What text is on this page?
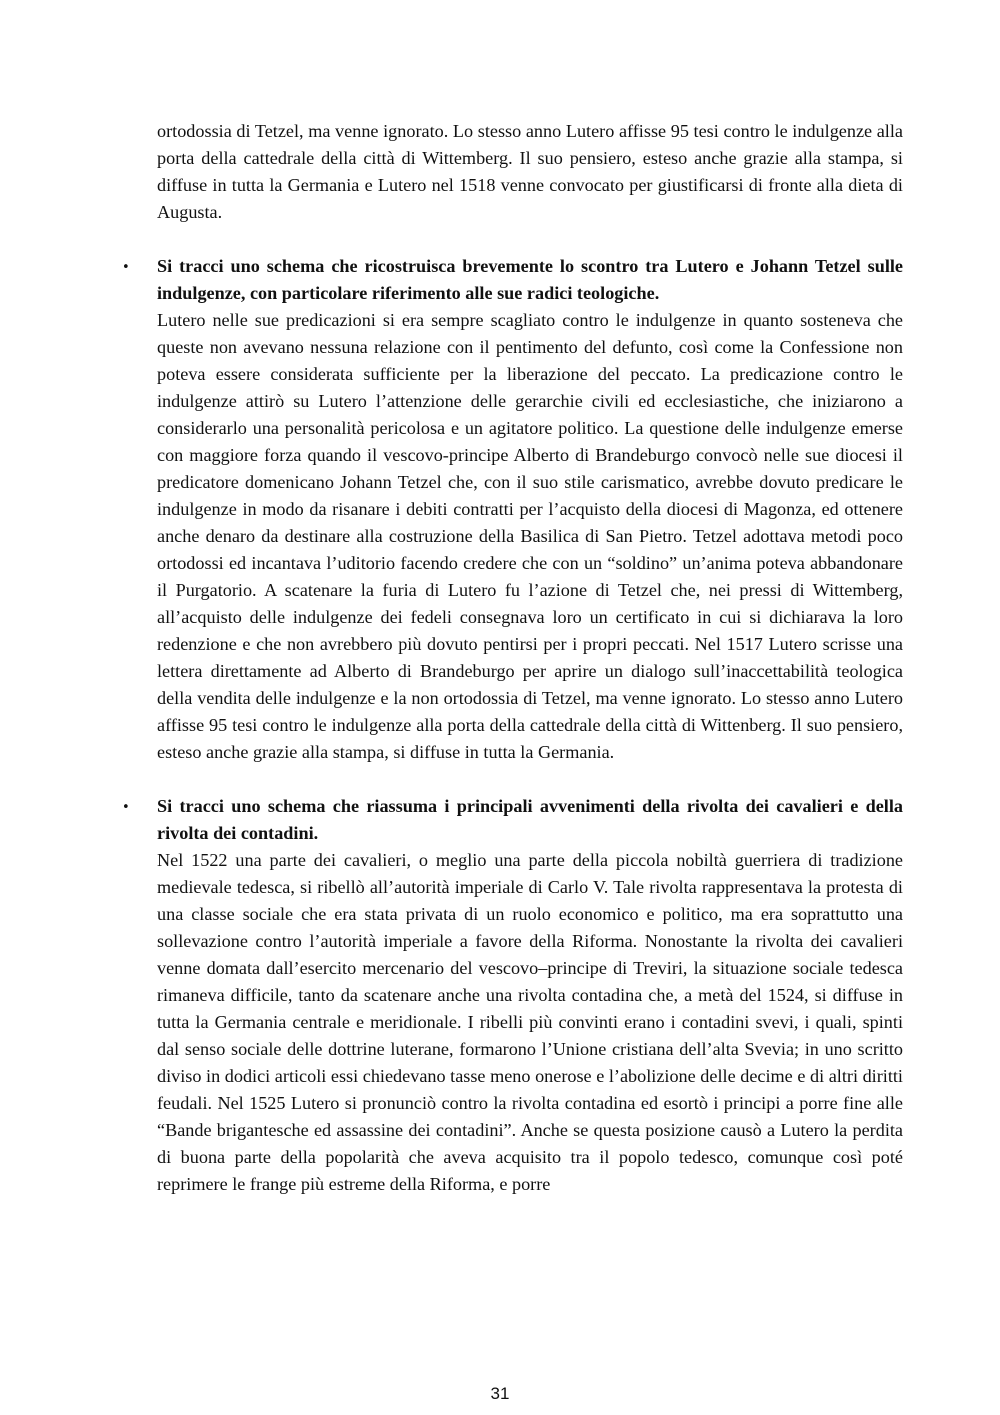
ortodossia di Tetzel, ma venne ignorato. Lo stesso anno Lutero affisse 95 tesi contro le indulgenze alla porta della cattedrale della città di Wittemberg. Il suo pensiero, esteso anche grazie alla stampa, si diffuse in tutta la Germania e Lutero nel 1518 venne convocato per giustificarsi di fronte alla dieta di Augusta.

• Si tracci uno schema che ricostruisca brevemente lo scontro tra Lutero e Johann Tetzel sulle indulgenze, con particolare riferimento alle sue radici teologiche.

Lutero nelle sue predicazioni si era sempre scagliato contro le indulgenze in quanto sosteneva che queste non avevano nessuna relazione con il pentimento del defunto, così come la Confessione non poteva essere considerata sufficiente per la liberazione del peccato. La predicazione contro le indulgenze attirò su Lutero l’attenzione delle gerarchie civili ed ecclesiastiche, che iniziarono a considerarlo una personalità pericolosa e un agitatore politico. La questione delle indulgenze emerse con maggiore forza quando il vescovo-principe Alberto di Brandeburgo convocò nelle sue diocesi il predicatore domenicano Johann Tetzel che, con il suo stile carismatico, avrebbe dovuto predicare le indulgenze in modo da risanare i debiti contratti per l’acquisto della diocesi di Magonza, ed ottenere anche denaro da destinare alla costruzione della Basilica di San Pietro. Tetzel adottava metodi poco ortodossi ed incantava l’uditorio facendo credere che con un “soldino” un’anima poteva abbandonare il Purgatorio. A scatenare la furia di Lutero fu l’azione di Tetzel che, nei pressi di Wittemberg, all’acquisto delle indulgenze dei fedeli consegnava loro un certificato in cui si dichiarava la loro redenzione e che non avrebbero più dovuto pentirsi per i propri peccati. Nel 1517 Lutero scrisse una lettera direttamente ad Alberto di Brandeburgo per aprire un dialogo sull’inaccettabilità teologica della vendita delle indulgenze e la non ortodossia di Tetzel, ma venne ignorato. Lo stesso anno Lutero affisse 95 tesi contro le indulgenze alla porta della cattedrale della città di Wittenberg. Il suo pensiero, esteso anche grazie alla stampa, si diffuse in tutta la Germania.

• Si tracci uno schema che riassuma i principali avvenimenti della rivolta dei cavalieri e della rivolta dei contadini.

Nel 1522 una parte dei cavalieri, o meglio una parte della piccola nobiltà guerriera di tradizione medievale tedesca, si ribellò all’autorità imperiale di Carlo V. Tale rivolta rappresentava la protesta di una classe sociale che era stata privata di un ruolo economico e politico, ma era soprattutto una sollevazione contro l’autorità imperiale a favore della Riforma. Nonostante la rivolta dei cavalieri venne domata dall’esercito mercenario del vescovo–principe di Treviri, la situazione sociale tedesca rimaneva difficile, tanto da scatenare anche una rivolta contadina che, a metà del 1524, si diffuse in tutta la Germania centrale e meridionale. I ribelli più convinti erano i contadini svevi, i quali, spinti dal senso sociale delle dottrine luterane, formarono l’Unione cristiana dell’alta Svevia; in uno scritto diviso in dodici articoli essi chiedevano tasse meno onerose e l’abolizione delle decime e di altri diritti feudali. Nel 1525 Lutero si pronunciò contro la rivolta contadina ed esortò i principi a porre fine alle “Bande brigantesche ed assassine dei contadini”. Anche se questa posizione causò a Lutero la perdita di buona parte della popolarità che aveva acquisito tra il popolo tedesco, comunque così poté reprimere le frange più estreme della Riforma, e porre

31
